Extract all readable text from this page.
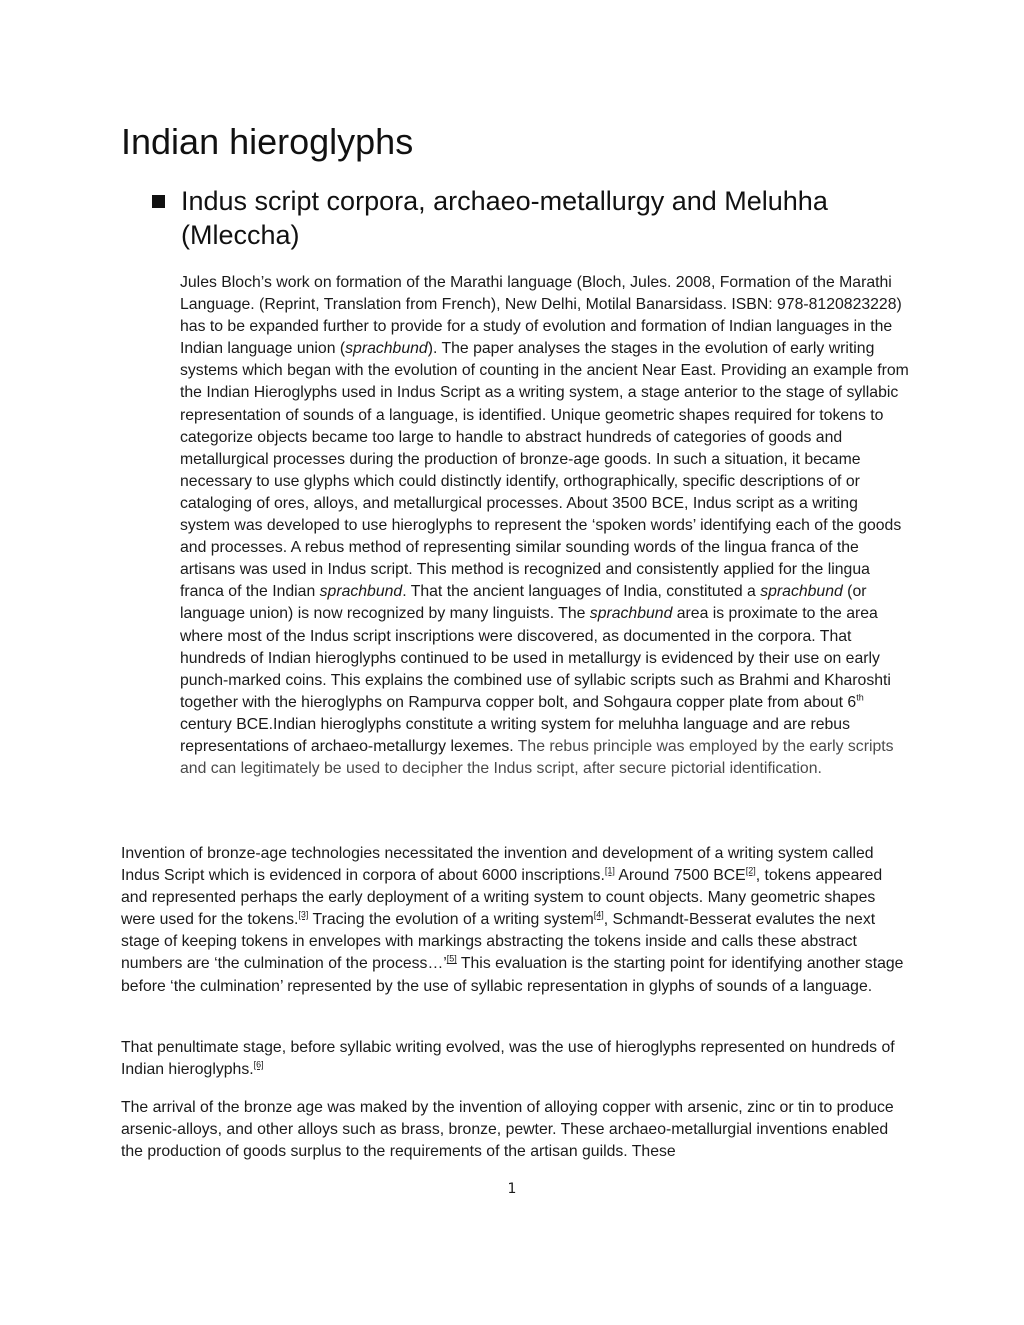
Indian hieroglyphs
Indus script corpora, archaeo-metallurgy and Meluhha (Mleccha)

Jules Bloch’s work on formation of the Marathi language (Bloch, Jules. 2008, Formation of the Marathi Language. (Reprint, Translation from French), New Delhi, Motilal Banarsidass. ISBN: 978-8120823228) has to be expanded further to provide for a study of evolution and formation of Indian languages in the Indian language union (sprachbund). The paper analyses the stages in the evolution of early writing systems which began with the evolution of counting in the ancient Near East. Providing an example from the Indian Hieroglyphs used in Indus Script as a writing system, a stage anterior to the stage of syllabic representation of sounds of a language, is identified. Unique geometric shapes required for tokens to categorize objects became too large to handle to abstract hundreds of categories of goods and metallurgical processes during the production of bronze-age goods. In such a situation, it became necessary to use glyphs which could distinctly identify, orthographically, specific descriptions of or cataloging of ores, alloys, and metallurgical processes. About 3500 BCE, Indus script as a writing system was developed to use hieroglyphs to represent the ‘spoken words’ identifying each of the goods and processes. A rebus method of representing similar sounding words of the lingua franca of the artisans was used in Indus script. This method is recognized and consistently applied for the lingua franca of the Indian sprachbund. That the ancient languages of India, constituted a sprachbund (or language union) is now recognized by many linguists. The sprachbund area is proximate to the area where most of the Indus script inscriptions were discovered, as documented in the corpora. That hundreds of Indian hieroglyphs continued to be used in metallurgy is evidenced by their use on early punch-marked coins. This explains the combined use of syllabic scripts such as Brahmi and Kharoshti together with the hieroglyphs on Rampurva copper bolt, and Sohgaura copper plate from about 6th century BCE.Indian hieroglyphs constitute a writing system for meluhha language and are rebus representations of archaeo-metallurgy lexemes. The rebus principle was employed by the early scripts and can legitimately be used to decipher the Indus script, after secure pictorial identification.

Invention of bronze-age technologies necessitated the invention and development of a writing system called Indus Script which is evidenced in corpora of about 6000 inscriptions.[1] Around 7500 BCE[2], tokens appeared and represented perhaps the early deployment of a writing system to count objects. Many geometric shapes were used for the tokens.[3] Tracing the evolution of a writing system[4], Schmandt-Besserat evalutes the next stage of keeping tokens in envelopes with markings abstracting the tokens inside and calls these abstract numbers are ‘the culmination of the process…’[5] This evaluation is the starting point for identifying another stage before ‘the culmination’ represented by the use of syllabic representation in glyphs of sounds of a language.

That penultimate stage, before syllabic writing evolved, was the use of hieroglyphs represented on hundreds of Indian hieroglyphs.[6]

The arrival of the bronze age was maked by the invention of alloying copper with arsenic, zinc or tin to produce arsenic-alloys, and other alloys such as brass, bronze, pewter. These archaeo-metallurgial inventions enabled the production of goods surplus to the requirements of the artisan guilds. These

1
